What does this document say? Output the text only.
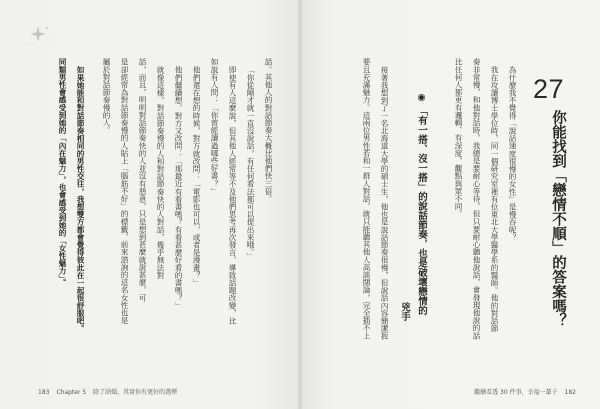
27
你能找到「戀情不順」的答案嗎？
為什麼我不覺得「說話速度很慢的女性」是慢吞呢？
我在攻讀博士學位時，同一個研究室裡有位東北大學醫學系的醫師。他的對話節
奏非常慢，和他對話時，我總是要耐心等待，但只要耐心聽他說話，會發現他說的話
比任何人都更有邏輯、有深度，觀點與眾不同。
◉「有一搭、沒一搭」的說話節奏，也是破壞戀情的
兇手
接著我想到了一名北海道大學的碩士生，他也是說話節奏很慢，但說話內容簡潔扼
要且充滿魅力。這兩位男性若和一群人對話，就只能聽其他人高談闊論，完全插不上
繼續看透 30 件事，幸福一輩子 182
話。其他人的對話節奏大概比他們快三倍。
「你從剛才就一直沒說話，有任何看法都可以提出來哦。」
即使有人這麼說，但其他人經常等不及他們思考再次發言，導致話題改變，比
如說有人問：「你曾經讀過哪些好書？」
他們還在想的時候，對方就改問：「電影也可以，或者是漫畫？」
他們繼續想，對方又改問：「那最近有看書嗎？有看甚麼好看的書嗎？」
就像這樣，對話節奏慢的人和對話節奏快的人對話，幾乎無法對
話，而且，明明對話節奏快的人並沒有惡意，只是想到甚麼就說甚麼，可
是卻經常為對話節奏慢的人貼上「腦筋不好」的標籤，前來諮詢的這名女性也是
屬於對話節奏慢的人。
如果她能和對話節奏相同的男性交往，我想雙方都會覺得彼此在一起很舒服吧。
同類男性會感受到她的「內在魅力」，也會感受到她的「女性魅力」。
183 Chapter 5 除了結婚，其實你有更好的選擇
